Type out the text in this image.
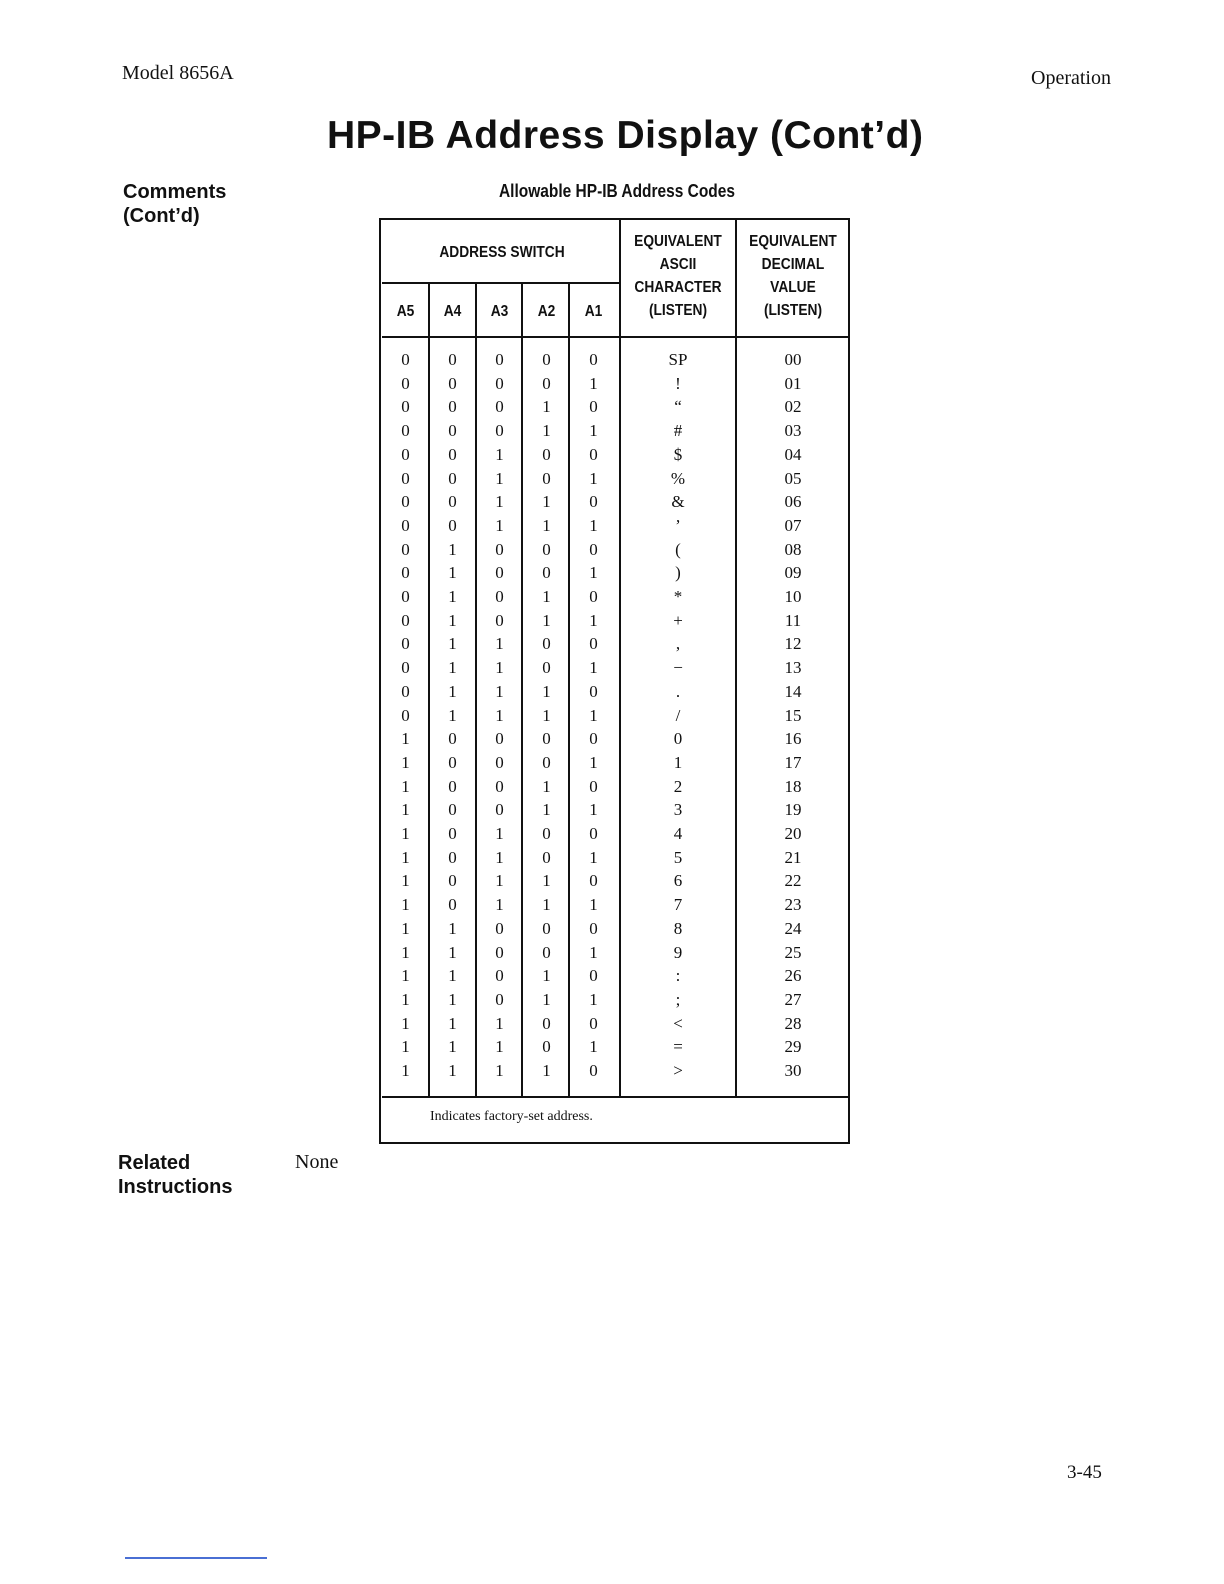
Model 8656A	Operation
HP-IB Address Display (Cont’d)
Comments
(Cont’d)
Allowable HP-IB Address Codes
ADDRESS SWITCH
A5	A4	A3	A2	A1
EQUIVALENT
ASCII
CHARACTER
(LISTEN)
EQUIVALENT
DECIMAL
VALUE
(LISTEN)
0	0	0	0	0	SP	00
0	0	0	0	1	!	01
0	0	0	1	0	“	02
0	0	0	1	1	#	03
0	0	1	0	0	$	04
0	0	1	0	1	%	05
0	0	1	1	0	&	06
0	0	1	1	1	’	07
0	1	0	0	0	(	08
0	1	0	0	1	)	09
0	1	0	1	0	*	10
0	1	0	1	1	+	11
0	1	1	0	0	,	12
0	1	1	0	1	−	13
0	1	1	1	0	.	14
0	1	1	1	1	/	15
1	0	0	0	0	0	16
1	0	0	0	1	1	17
1	0	0	1	0	2	18
1	0	0	1	1	3	19
1	0	1	0	0	4	20
1	0	1	0	1	5	21
1	0	1	1	0	6	22
1	0	1	1	1	7	23
1	1	0	0	0	8	24
1	1	0	0	1	9	25
1	1	0	1	0	:	26
1	1	0	1	1	;	27
1	1	1	0	0	<	28
1	1	1	0	1	=	29
1	1	1	1	0	>	30
Indicates factory-set address.
Related
Instructions
None
3-45
